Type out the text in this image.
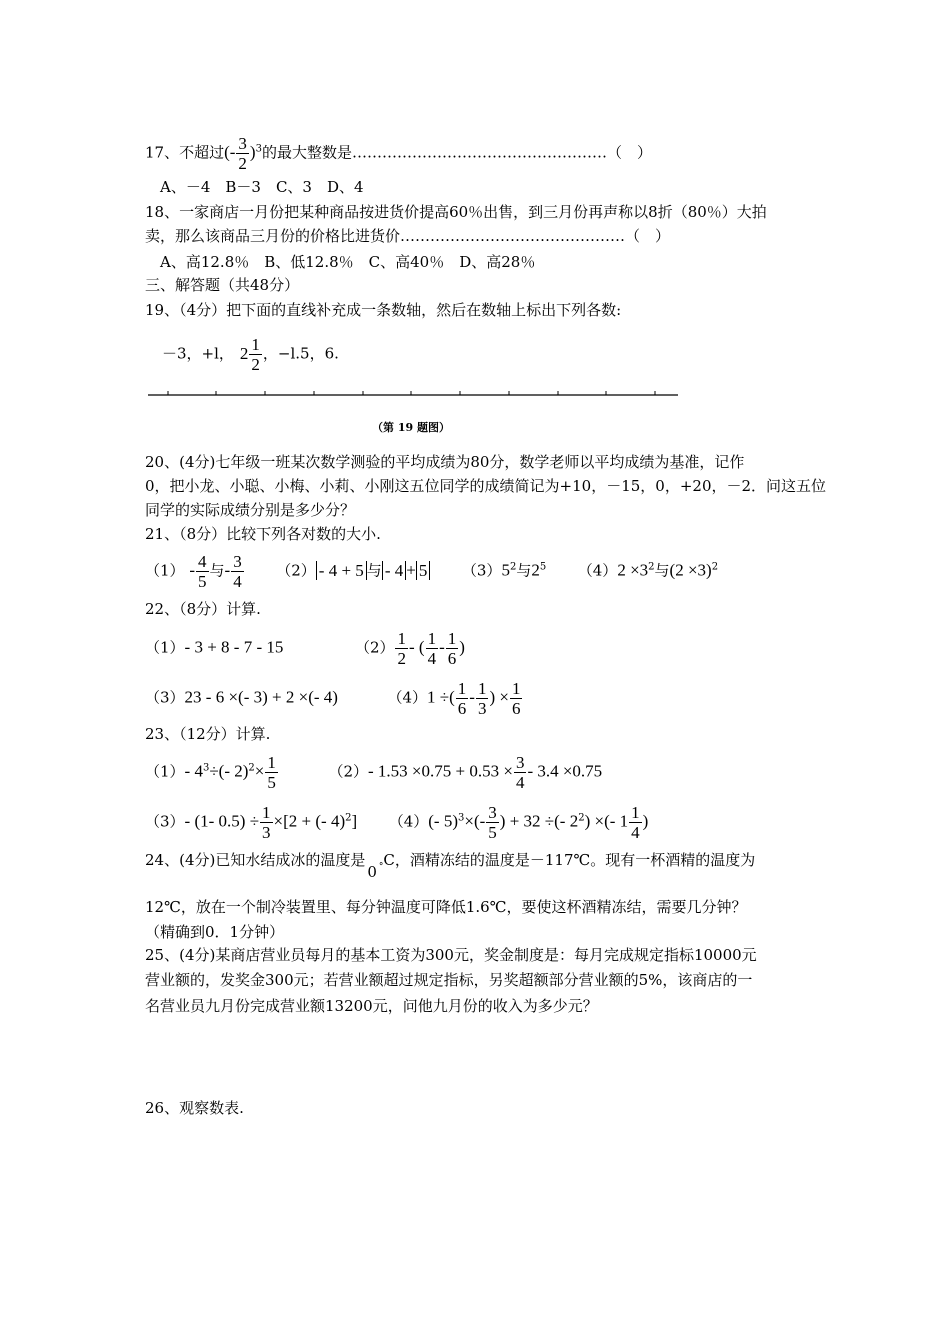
17、不超过(- $\frac{3}{2} )^3$的最大整数是……………………………………………（　）
A、－4　B－3　C、3　D、4
18、一家商店一月份把某种商品按进货价提高60％出售，到三月份再声称以8折（80％）大拍
卖，那么该商品三月份的价格比进货价………………………………………（　）
A、高12.8％　B、低12.8％　C、高40％　D、高28％
三、解答题（共48分）
19、（4分）把下面的直线补充成一条数轴，然后在数轴上标出下列各数:
－3，+l， $2 \frac{1}{2}$ ，−l.5，6.
（第 19 题图）
20、(4分)七年级一班某次数学测验的平均成绩为80分，数学老师以平均成绩为基准，记作
0，把小龙、小聪、小梅、小莉、小刚这五位同学的成绩简记为+10，－15，0，+20，－2．问这五位
同学的实际成绩分别是多少分？
21、（8分）比较下列各对数的大小.
$(1) - \frac{4}{5}$ 与- $\frac{3}{4} (2) - 4 + 5$ 与 - 4 + 5 $(3)5^2$与$2^5$ $(4)2 \times 3^2$与$(2 \times 3)^2$
22、（8分）计算.
（1）- 3 + 8 - 7 - 15	$(2) \frac{1}{2}$ - ( $\frac{1}{4} - \frac{1}{6}$ )
（3）23 - 6 ×(- 3) + 2 ×(- 4)	（4）1 ÷( $\frac{1}{6} - \frac{1}{3}$ ) × $\frac{1}{6}$
23、（12分）计算.
（1）- $4^3\div(-$ $2)^2\times \frac{1}{5}$	（2）- $1.53 \times 0.75 + 0.53 \times \frac{3}{4} - 3.4 \times 0.75$
（3）- (1- $0.5) \div \frac{1}{3} \times[2$ + (- 4)$^2$] （4）(- $5)^3\times(- \frac{3}{5}$ ) + 32 ÷(- $2^2$) ×(- $1 \frac{1}{4}$ )
24、(4分)已知水结成冰的温度是0 $^\circ$C，酒精冻结的温度是－117℃。现有一杯酒精的温度为
12℃，放在一个制冷装置里、每分钟温度可降低1.6℃，要使这杯酒精冻结，需要几分钟？
（精确到0．1分钟）
25、(4分)某商店营业员每月的基本工资为300元，奖金制度是：每月完成规定指标10000元
营业额的，发奖金300元；若营业额超过规定指标，另奖超额部分营业额的5%，该商店的一
名营业员九月份完成营业额13200元，问他九月份的收入为多少元？
26、观察数表.
